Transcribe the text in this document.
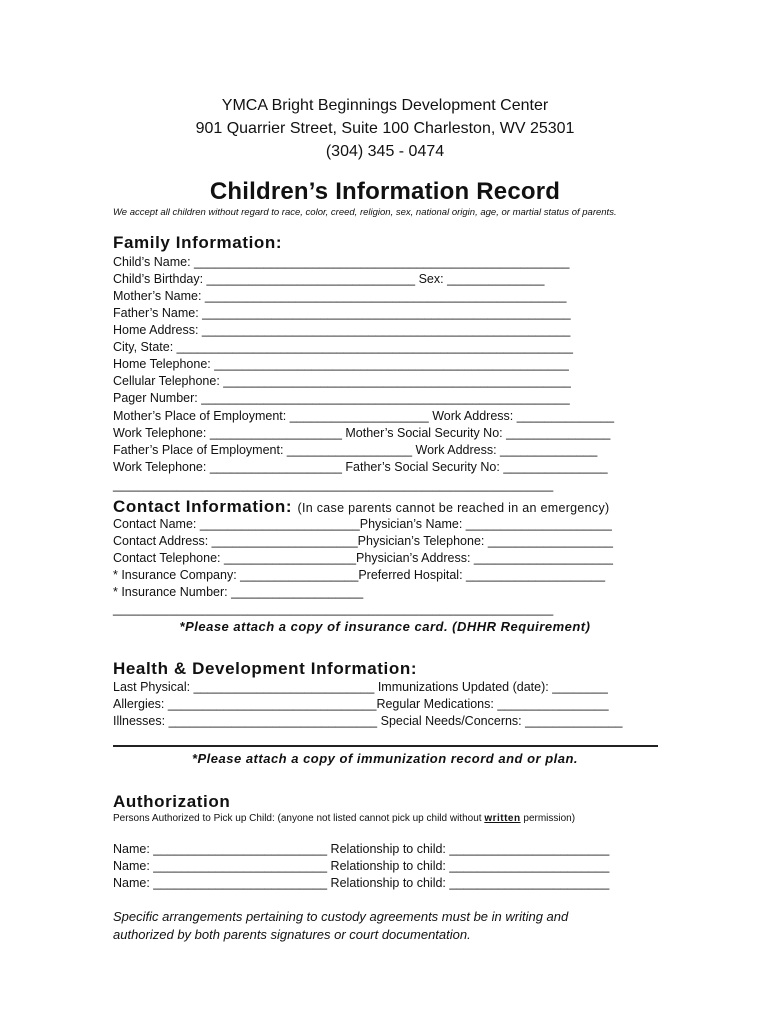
YMCA Bright Beginnings Development Center
901 Quarrier Street, Suite 100 Charleston, WV 25301
(304) 345 - 0474
Children’s Information Record
We accept all children without regard to race, color, creed, religion, sex, national origin, age, or martial status of parents.
Family Information:
Child’s Name: ______________________________________________________
Child’s Birthday: ______________________________ Sex: ______________
Mother’s Name: ____________________________________________________
Father’s Name: _____________________________________________________
Home Address: _____________________________________________________
City, State: _________________________________________________________
Home Telephone: ___________________________________________________
Cellular Telephone: __________________________________________________
Pager Number: _____________________________________________________
Mother’s Place of Employment: ____________________ Work Address: ______________
Work Telephone: ___________________ Mother’s Social Security No: _______________
Father’s Place of Employment: __________________ Work Address: ______________
Work Telephone: ___________________ Father’s Social Security No: _______________
______________________________________________________________
Contact Information: (In case parents cannot be reached in an emergency)
Contact Name: _______________________Physician’s Name: _____________________
Contact Address: _____________________Physician’s Telephone: __________________
Contact Telephone: ___________________Physician’s Address: ____________________
* Insurance Company: _________________Preferred Hospital: ____________________
* Insurance Number: ___________________
______________________________________________________________
*Please attach a copy of insurance card. (DHHR Requirement)
Health & Development Information:
Last Physical: __________________________ Immunizations Updated (date): ________
Allergies: ______________________________Regular Medications: ________________
Illnesses: ______________________________ Special Needs/Concerns: ______________
*Please attach a copy of immunization record and or plan.
Authorization
Persons Authorized to Pick up Child: (anyone not listed cannot pick up child without written permission)
Name: _________________________ Relationship to child: _______________________
Name: _________________________ Relationship to child: _______________________
Name: _________________________ Relationship to child: _______________________
Specific arrangements pertaining to custody agreements must be in writing and
authorized by both parents signatures or court documentation.
